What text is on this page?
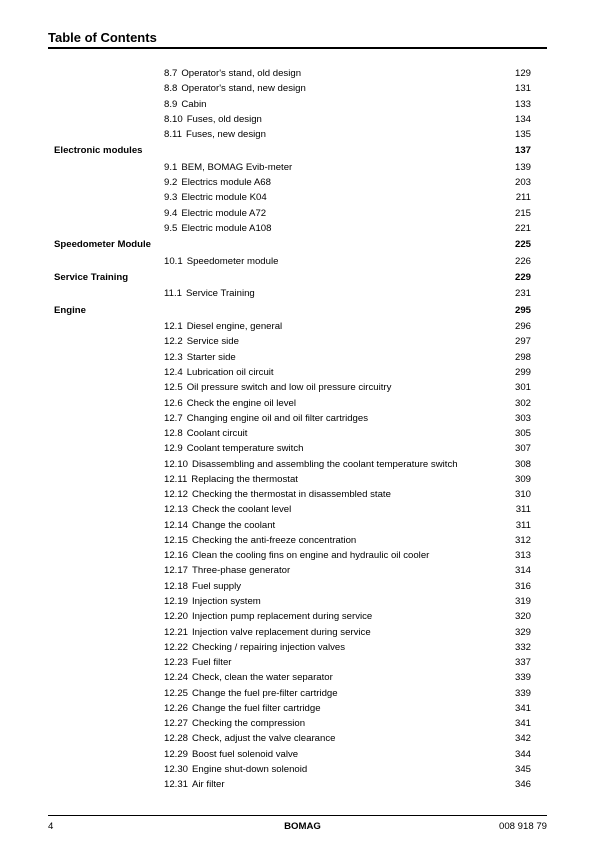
Table of Contents
8.7 Operator's stand, old design	129
8.8 Operator's stand, new design	131
8.9 Cabin	133
8.10 Fuses, old design	134
8.11 Fuses, new design	135
Electronic modules	137
9.1 BEM, BOMAG Evib-meter	139
9.2 Electrics module A68	203
9.3 Electric module K04	211
9.4 Electric module A72	215
9.5 Electric module A108	221
Speedometer Module	225
10.1 Speedometer module	226
Service Training	229
11.1 Service Training	231
Engine	295
12.1 Diesel engine, general	296
12.2 Service side	297
12.3 Starter side	298
12.4 Lubrication oil circuit	299
12.5 Oil pressure switch and low oil pressure circuitry	301
12.6 Check the engine oil level	302
12.7 Changing engine oil and oil filter cartridges	303
12.8 Coolant circuit	305
12.9 Coolant temperature switch	307
12.10 Disassembling and assembling the coolant temperature switch	308
12.11 Replacing the thermostat	309
12.12 Checking the thermostat in disassembled state	310
12.13 Check the coolant level	311
12.14 Change the coolant	311
12.15 Checking the anti-freeze concentration	312
12.16 Clean the cooling fins on engine and hydraulic oil cooler	313
12.17 Three-phase generator	314
12.18 Fuel supply	316
12.19 Injection system	319
12.20 Injection pump replacement during service	320
12.21 Injection valve replacement during service	329
12.22 Checking / repairing injection valves	332
12.23 Fuel filter	337
12.24 Check, clean the water separator	339
12.25 Change the fuel pre-filter cartridge	339
12.26 Change the fuel filter cartridge	341
12.27 Checking the compression	341
12.28 Check, adjust the valve clearance	342
12.29 Boost fuel solenoid valve	344
12.30 Engine shut-down solenoid	345
12.31 Air filter	346
4	BOMAG	008 918 79
